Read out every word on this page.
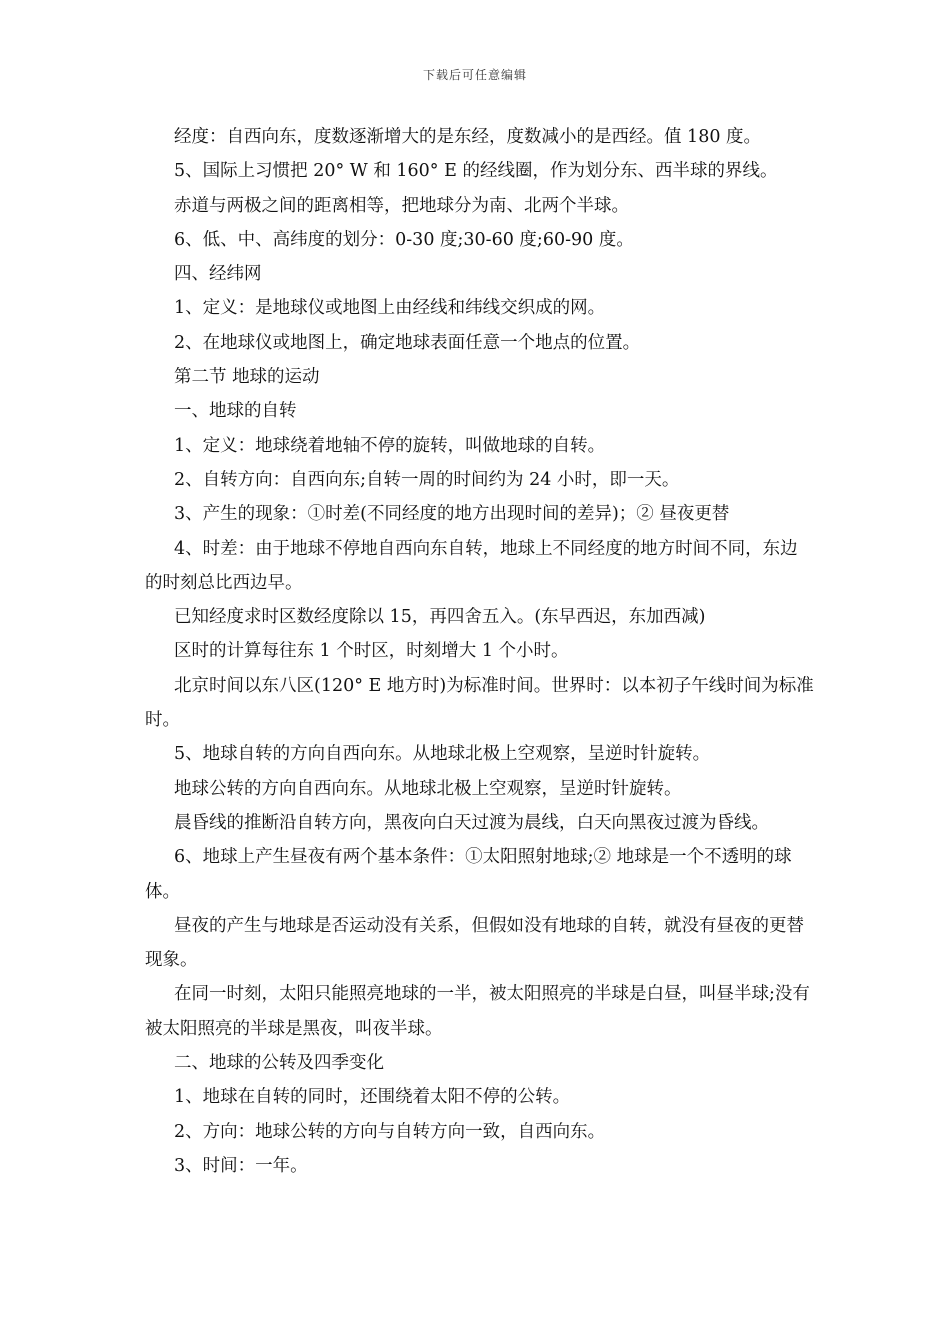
下载后可任意编辑

经度：自西向东，度数逐渐增大的是东经，度数减小的是西经。值 180 度。

5、国际上习惯把 20° W 和 160° E 的经线圈，作为划分东、西半球的界线。

赤道与两极之间的距离相等，把地球分为南、北两个半球。

6、低、中、高纬度的划分：0-30 度;30-60 度;60-90 度。

四、经纬网

1、定义：是地球仪或地图上由经线和纬线交织成的网。

2、在地球仪或地图上，确定地球表面任意一个地点的位置。

第二节 地球的运动

一、地球的自转

1、定义：地球绕着地轴不停的旋转，叫做地球的自转。

2、自转方向：自西向东;自转一周的时间约为 24 小时，即一天。

3、产生的现象：①时差(不同经度的地方出现时间的差异)；② 昼夜更替

4、时差：由于地球不停地自西向东自转，地球上不同经度的地方时间不同，东边的时刻总比西边早。

已知经度求时区数经度除以 15，再四舍五入。(东早西迟，东加西减)

区时的计算每往东 1 个时区，时刻增大 1 个小时。

北京时间以东八区(120° E 地方时)为标准时间。世界时：以本初子午线时间为标准时。

5、地球自转的方向自西向东。从地球北极上空观察，呈逆时针旋转。

地球公转的方向自西向东。从地球北极上空观察，呈逆时针旋转。

晨昏线的推断沿自转方向，黑夜向白天过渡为晨线，白天向黑夜过渡为昏线。

6、地球上产生昼夜有两个基本条件：①太阳照射地球;② 地球是一个不透明的球体。

昼夜的产生与地球是否运动没有关系，但假如没有地球的自转，就没有昼夜的更替现象。

在同一时刻，太阳只能照亮地球的一半，被太阳照亮的半球是白昼，叫昼半球;没有被太阳照亮的半球是黑夜，叫夜半球。

二、地球的公转及四季变化

1、地球在自转的同时，还围绕着太阳不停的公转。

2、方向：地球公转的方向与自转方向一致，自西向东。

3、时间：一年。
